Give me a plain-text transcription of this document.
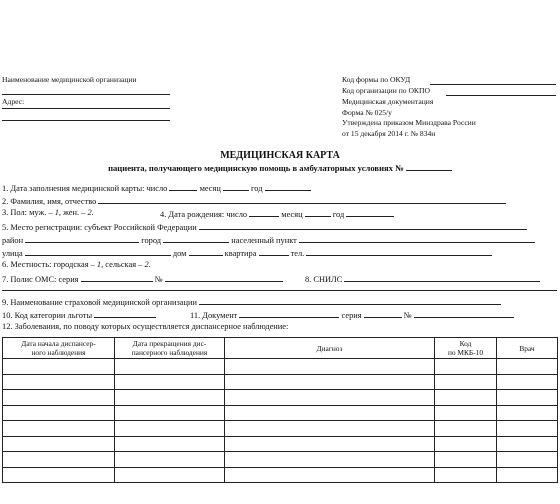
Наименование медицинской организации
Адрес:
Код формы по ОКУД
Код организации по ОКПО
Медицинская документация
Форма № 025/у
Утверждена приказом Минздрава России
от 15 декабря 2014 г. № 834н
МЕДИЦИНСКАЯ КАРТА
пациента, получающего медицинскую помощь в амбулаторных условиях №
1. Дата заполнения медицинской карты: число	месяц	год
2. Фамилия, имя, отчество
3. Пол: муж. – 1, жен. – 2.	4. Дата рождения: число	месяц	год
5. Место регистрации: субъект Российской Федерации
район	город	населенный пункт
улица	дом	квартира	тел.
6. Местность: городская – 1, сельская – 2.
7. Полис ОМС: серия	№	8. СНИЛС
9. Наименование страховой медицинской организации
10. Код категории льготы	11. Документ	серия	№
12. Заболевания, по поводу которых осуществляется диспансерное наблюдение:
Дата начала диспансер-
ного наблюдения	Дата прекращения дис-
пансерного наблюдения	Диагноз	Код
по МКБ-10	Врач
